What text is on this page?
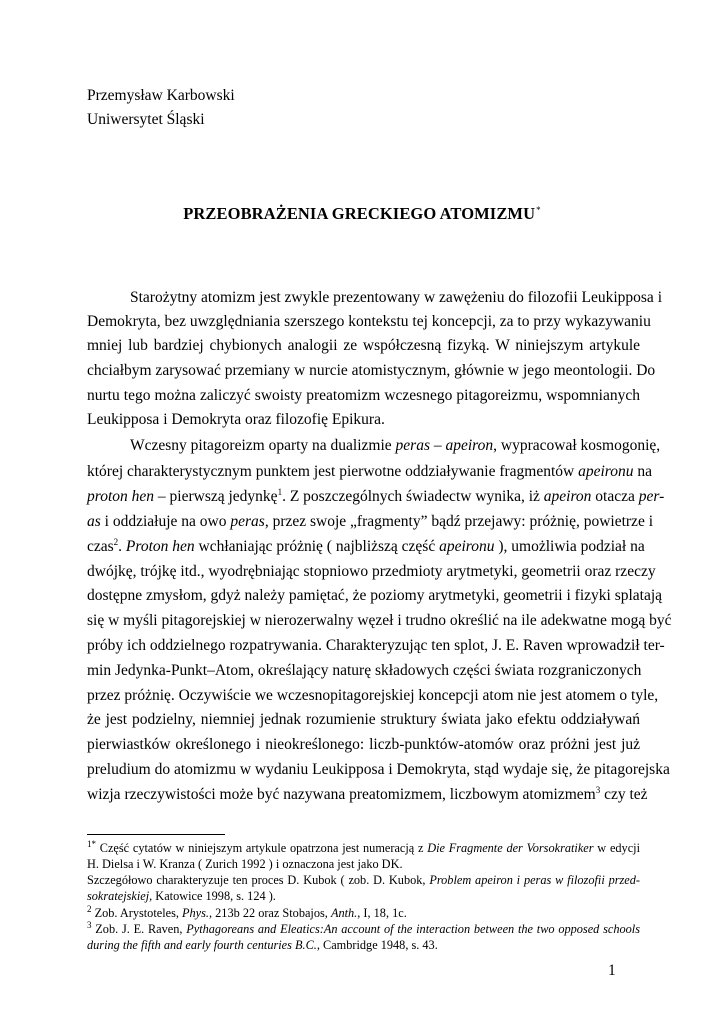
Przemysław Karbowski
Uniwersytet Śląski
PRZEOBRAŻENIA GRECKIEGO ATOMIZMU*
Starożytny atomizm jest zwykle prezentowany w zawężeniu do filozofii Leukipposa i
Demokryta, bez uwzględniania szerszego kontekstu tej koncepcji, za to przy wykazywaniu
mniej lub bardziej chybionych analogii ze współczesną fizyką. W niniejszym artykule
chciałbym zarysować przemiany w nurcie atomistycznym, głównie w jego meontologii. Do
nurtu tego można zaliczyć swoisty preatomizm wczesnego pitagoreizmu, wspomnianych
Leukipposa i Demokryta oraz filozofię Epikura.
Wczesny pitagoreizm oparty na dualizmie peras – apeiron, wypracował kosmogonię,
której charakterystycznym punktem jest pierwotne oddziaływanie fragmentów apeironu na
proton hen – pierwszą jedynkę$^1$. Z poszczególnych świadectw wynika, iż apeiron otacza per-
as i oddziałuje na owo peras, przez swoje „fragmenty” bądź przejawy: próżnię, powietrze i
czas$^2$. Proton hen wchłaniając próżnię ( najbliższą część apeironu ), umożliwia podział na
dwójkę, trójkę itd., wyodrębniając stopniowo przedmioty arytmetyki, geometrii oraz rzeczy
dostępne zmysłom, gdyż należy pamiętać, że poziomy arytmetyki, geometrii i fizyki splatają
się w myśli pitagorejskiej w nierozerwalny węzeł i trudno określić na ile adekwatne mogą być
próby ich oddzielnego rozpatrywania. Charakteryzując ten splot, J. E. Raven wprowadził ter-
min Jedynka-Punkt–Atom, określający naturę składowych części świata rozgraniczonych
przez próżnię. Oczywiście we wczesnopitagorejskiej koncepcji atom nie jest atomem o tyle,
że jest podzielny, niemniej jednak rozumienie struktury świata jako efektu oddziaływań
pierwiastków określonego i nieokreślonego: liczb-punktów-atomów oraz próżni jest już
preludium do atomizmu w wydaniu Leukipposa i Demokryta, stąd wydaje się, że pitagorejska
wizja rzeczywistości może być nazywana preatomizmem, liczbowym atomizmem$^3$ czy też
$^{1*}$ Część cytatów w niniejszym artykule opatrzona jest numeracją z Die Fragmente der Vorsokratiker w edycji
H. Dielsa i W. Kranza ( Zurich 1992 ) i oznaczona jest jako DK.
Szczegółowo charakteryzuje ten proces D. Kubok ( zob. D. Kubok, Problem apeiron i peras w filozofii przed-
sokratejskiej, Katowice 1998, s. 124 ).
$^2$ Zob. Arystoteles, Phys., 213b 22 oraz Stobajos, Anth., I, 18, 1c.
$^3$ Zob. J. E. Raven, Pythagoreans and Eleatics:An account of the interaction between the two opposed schools
during the fifth and early fourth centuries B.C., Cambridge 1948, s. 43.
1
